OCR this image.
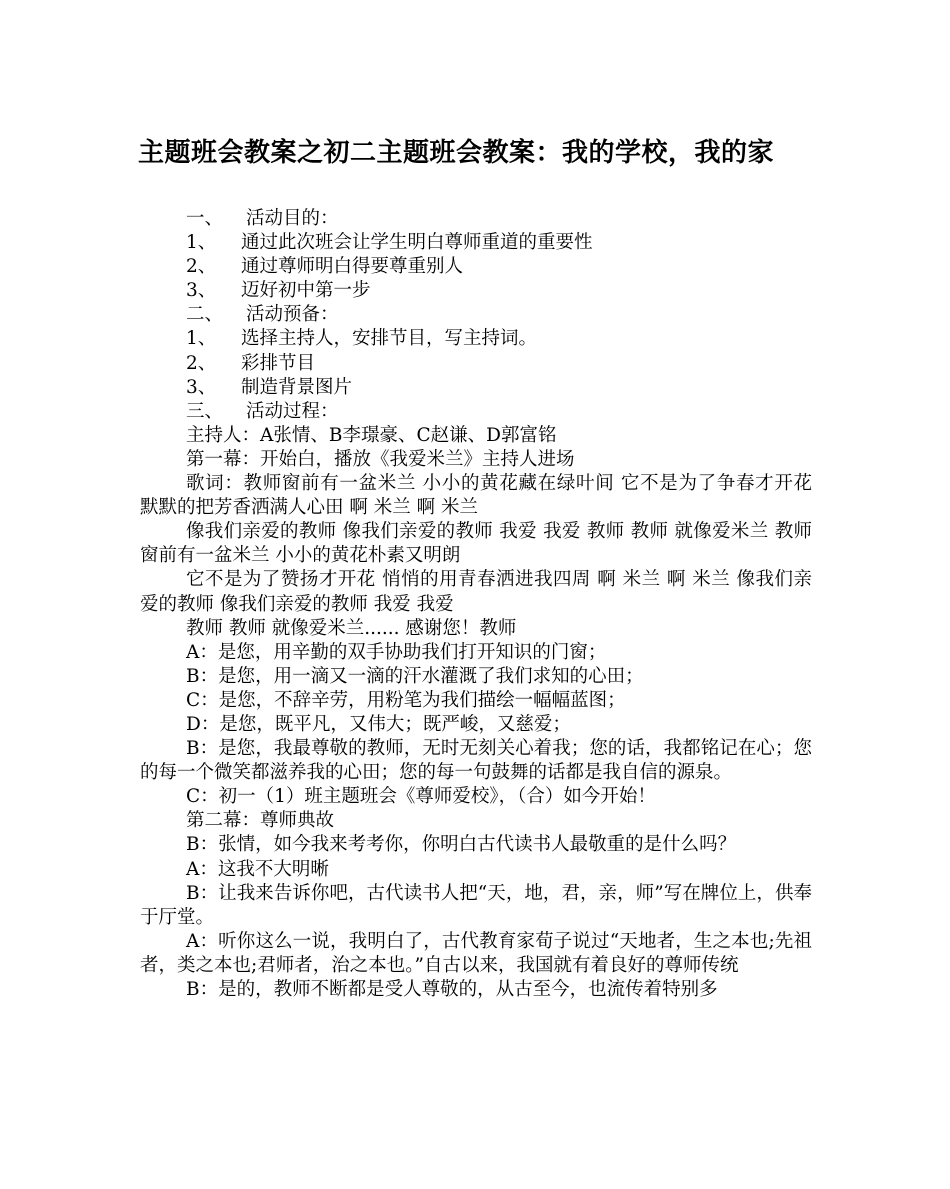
主题班会教案之初二主题班会教案：我的学校，我的家

一、 活动目的：

1、 通过此次班会让学生明白尊师重道的重要性

2、 通过尊师明白得要尊重别人

3、 迈好初中第一步

二、 活动预备：

1、 选择主持人，安排节目，写主持词。

2、 彩排节目

3、 制造背景图片

三、 活动过程：

主持人：A张情、B李璟豪、C赵谦、D郭富铭

第一幕：开始白，播放《我爱米兰》主持人进场

歌词：教师窗前有一盆米兰 小小的黄花藏在绿叶间 它不是为了争春才开花 默默的把芳香洒满人心田 啊 米兰 啊 米兰

像我们亲爱的教师 像我们亲爱的教师 我爱 我爱 教师 教师 就像爱米兰 教师窗前有一盆米兰 小小的黄花朴素又明朗

它不是为了赞扬才开花 悄悄的用青春洒进我四周 啊 米兰 啊 米兰 像我们亲爱的教师 像我们亲爱的教师 我爱 我爱

教师 教师 就像爱米兰...... 感谢您！教师

A：是您，用辛勤的双手协助我们打开知识的门窗；

B：是您，用一滴又一滴的汗水灌溉了我们求知的心田；

C：是您，不辞辛劳，用粉笔为我们描绘一幅幅蓝图；

D：是您，既平凡，又伟大；既严峻，又慈爱；

B：是您，我最尊敬的教师，无时无刻关心着我；您的话，我都铭记在心；您的每一个微笑都滋养我的心田；您的每一句鼓舞的话都是我自信的源泉。

C：初一（1）班主题班会《尊师爱校》，（合）如今开始！

第二幕：尊师典故

B：张情，如今我来考考你，你明白古代读书人最敬重的是什么吗？

A：这我不大明晰

B：让我来告诉你吧，古代读书人把“天，地，君，亲，师”写在牌位上，供奉于厅堂。

A：听你这么一说，我明白了，古代教育家荀子说过“天地者，生之本也;先祖者，类之本也;君师者，治之本也。”自古以来，我国就有着良好的尊师传统

B：是的，教师不断都是受人尊敬的，从古至今，也流传着特别多
